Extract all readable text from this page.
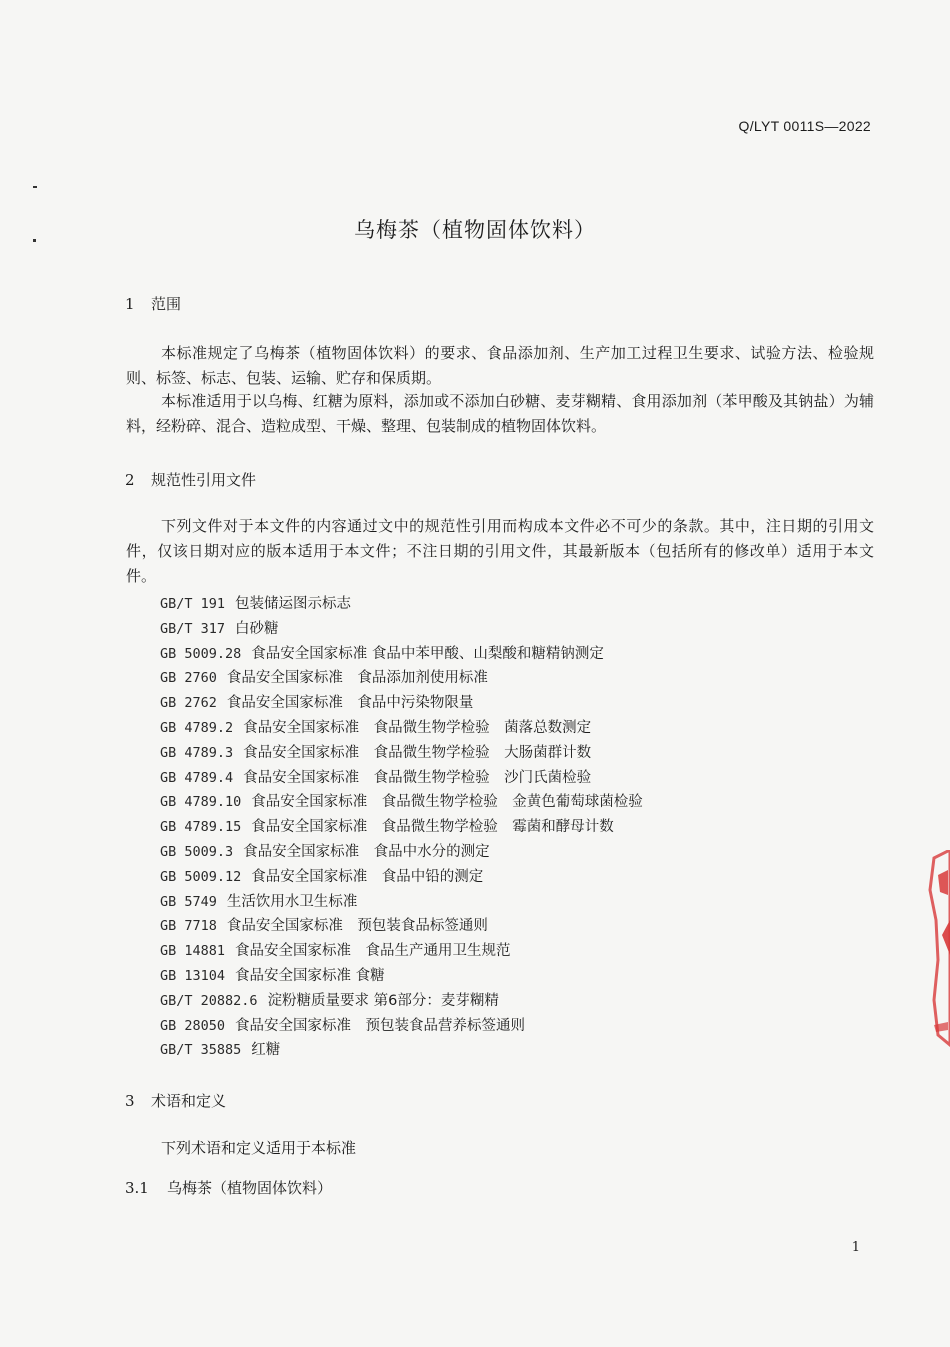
Q/LYT 0011S—2022
乌梅茶（植物固体饮料）
1 范围
本标准规定了乌梅茶（植物固体饮料）的要求、食品添加剂、生产加工过程卫生要求、试验方法、检验规则、标签、标志、包装、运输、贮存和保质期。
本标准适用于以乌梅、红糖为原料，添加或不添加白砂糖、麦芽糊精、食用添加剂（苯甲酸及其钠盐）为辅料，经粉碎、混合、造粒成型、干燥、整理、包装制成的植物固体饮料。
2 规范性引用文件
下列文件对于本文件的内容通过文中的规范性引用而构成本文件必不可少的条款。其中，注日期的引用文件，仅该日期对应的版本适用于本文件；不注日期的引用文件，其最新版本（包括所有的修改单）适用于本文件。
GB/T 191 包装储运图示标志
GB/T 317 白砂糖
GB 5009.28 食品安全国家标准 食品中苯甲酸、山梨酸和糖精钠测定
GB 2760 食品安全国家标准　食品添加剂使用标准
GB 2762 食品安全国家标准　食品中污染物限量
GB 4789.2 食品安全国家标准　食品微生物学检验　菌落总数测定
GB 4789.3 食品安全国家标准　食品微生物学检验　大肠菌群计数
GB 4789.4 食品安全国家标准　食品微生物学检验　沙门氏菌检验
GB 4789.10 食品安全国家标准　食品微生物学检验　金黄色葡萄球菌检验
GB 4789.15 食品安全国家标准　食品微生物学检验　霉菌和酵母计数
GB 5009.3 食品安全国家标准　食品中水分的测定
GB 5009.12 食品安全国家标准　食品中铅的测定
GB 5749 生活饮用水卫生标准
GB 7718 食品安全国家标准　预包装食品标签通则
GB 14881 食品安全国家标准　食品生产通用卫生规范
GB 13104 食品安全国家标准 食糖
GB/T 20882.6 淀粉糖质量要求 第6部分：麦芽糊精
GB 28050 食品安全国家标准　预包装食品营养标签通则
GB/T 35885 红糖
3 术语和定义
下列术语和定义适用于本标准
3.1 乌梅茶（植物固体饮料）
1
